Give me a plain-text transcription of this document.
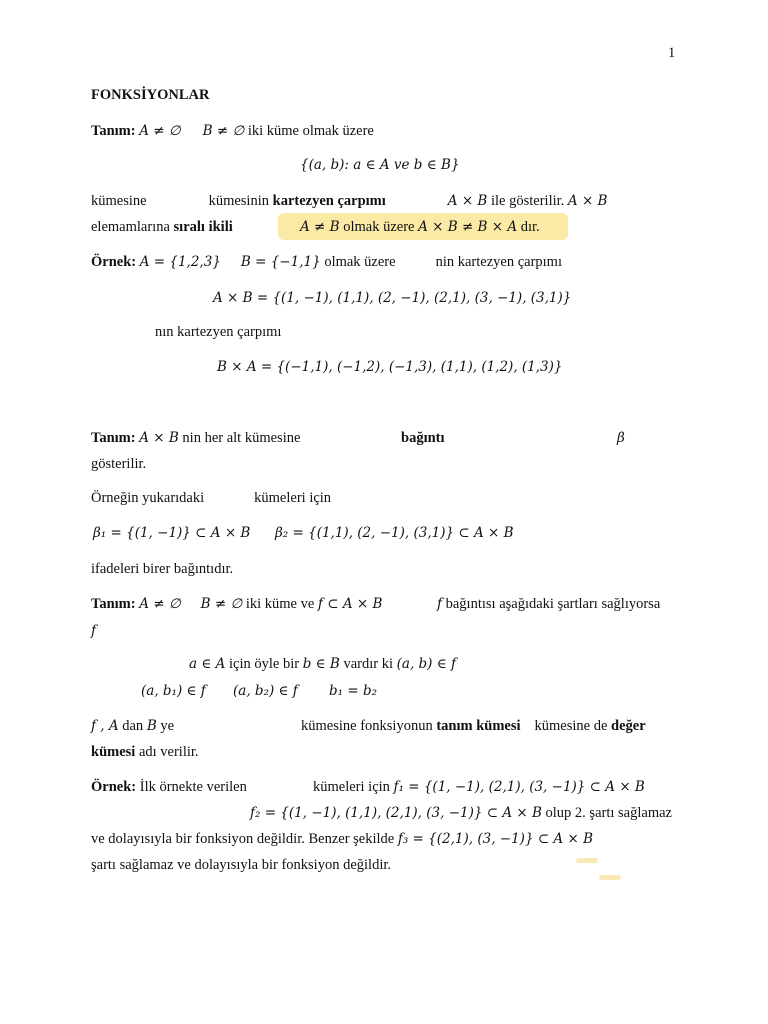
1
FONKSİYONLAR
Tanım: A ≠ ∅ B ≠ ∅ iki küme olmak üzere
{(a, b): a ∈ A ve b ∈ B}
kümesine	kümesinin kartezyen çarpımı	A × B ile gösterilir. A × B
elemamlarına sıralı ikili	A ≠ B olmak üzere A × B ≠ B × A dır.
Örnek: A = {1,2,3} B = {−1,1} olmak üzere	nin kartezyen çarpımı
A × B = {(1, −1), (1,1), (2, −1), (2,1), (3, −1), (3,1)}
nın kartezyen çarpımı
B × A = {(−1,1), (−1,2), (−1,3), (1,1), (1,2), (1,3)}
Tanım: A × B nin her alt kümesine	bağıntı	β
gösterilir.
Örneğin yukarıdaki	kümeleri için
β₁ = {(1, −1)} ⊂ A × B β₂ = {(1,1), (2, −1), (3,1)} ⊂ A × B
ifadeleri birer bağıntıdır.
Tanım: A ≠ ∅ B ≠ ∅ iki küme ve f ⊂ A × B	f bağıntısı aşağıdaki şartları sağlıyorsa
f
a ∈ A için öyle bir b ∈ B vardır ki (a, b) ∈ f
(a, b₁) ∈ f (a, b₂) ∈ f b₁ = b₂
f , A dan B ye	kümesine fonksiyonun tanım kümesi kümesine de değer
kümesi adı verilir.
Örnek: İlk örnekte verilen	kümeleri için f₁ = {(1, −1), (2,1), (3, −1)} ⊂ A × B
f₂ = {(1, −1), (1,1), (2,1), (3, −1)} ⊂ A × B olup 2. şartı sağlamaz
ve dolayısıyla bir fonksiyon değildir. Benzer şekilde f₃ = {(2,1), (3, −1)} ⊂ A × B
şartı sağlamaz ve dolayısıyla bir fonksiyon değildir.
